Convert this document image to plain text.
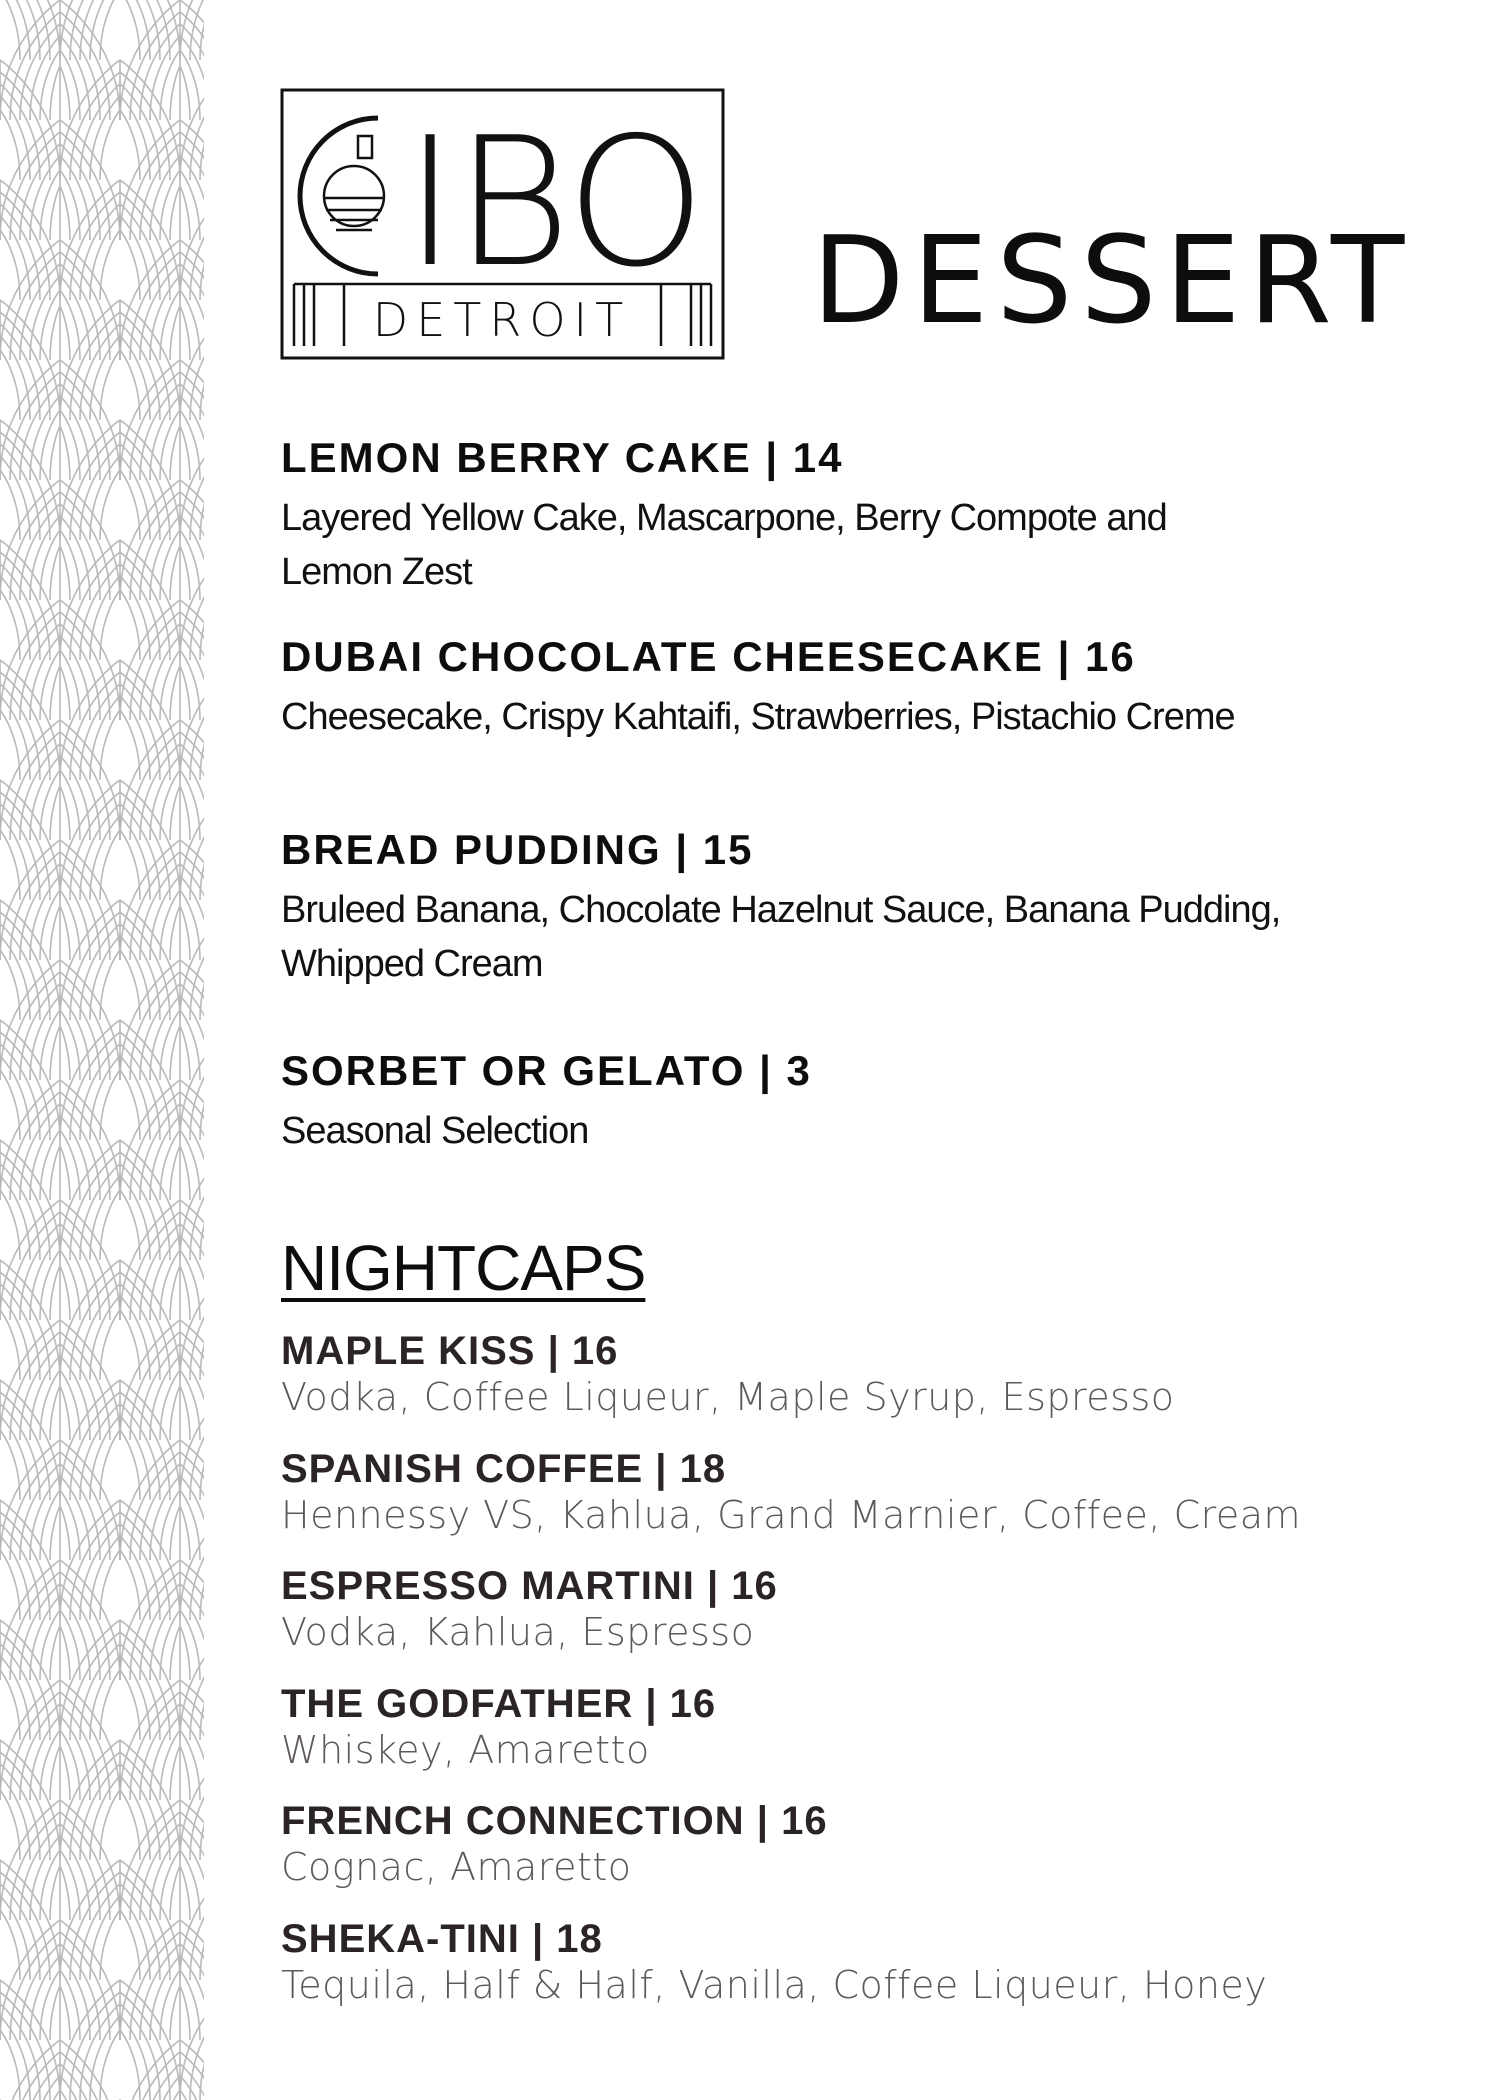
IBO
DETROIT DESSERT
LEMON BERRY CAKE | 14
Layered Yellow Cake, Mascarpone, Berry Compote and Lemon Zest
DUBAI CHOCOLATE CHEESECAKE | 16
Cheesecake, Crispy Kahtaifi, Strawberries, Pistachio Creme
BREAD PUDDING | 15
Bruleed Banana, Chocolate Hazelnut Sauce, Banana Pudding, Whipped Cream
SORBET OR GELATO | 3
Seasonal Selection
NIGHTCAPS
MAPLE KISS | 16
Vodka, Coffee Liqueur, Maple Syrup, Espresso
SPANISH COFFEE | 18
Hennessy VS, Kahlua, Grand Marnier, Coffee, Cream
ESPRESSO MARTINI | 16
Vodka, Kahlua, Espresso
THE GODFATHER | 16
Whiskey, Amaretto
FRENCH CONNECTION | 16
Cognac, Amaretto
SHEKA-TINI | 18
Tequila, Half & Half, Vanilla, Coffee Liqueur, Honey
